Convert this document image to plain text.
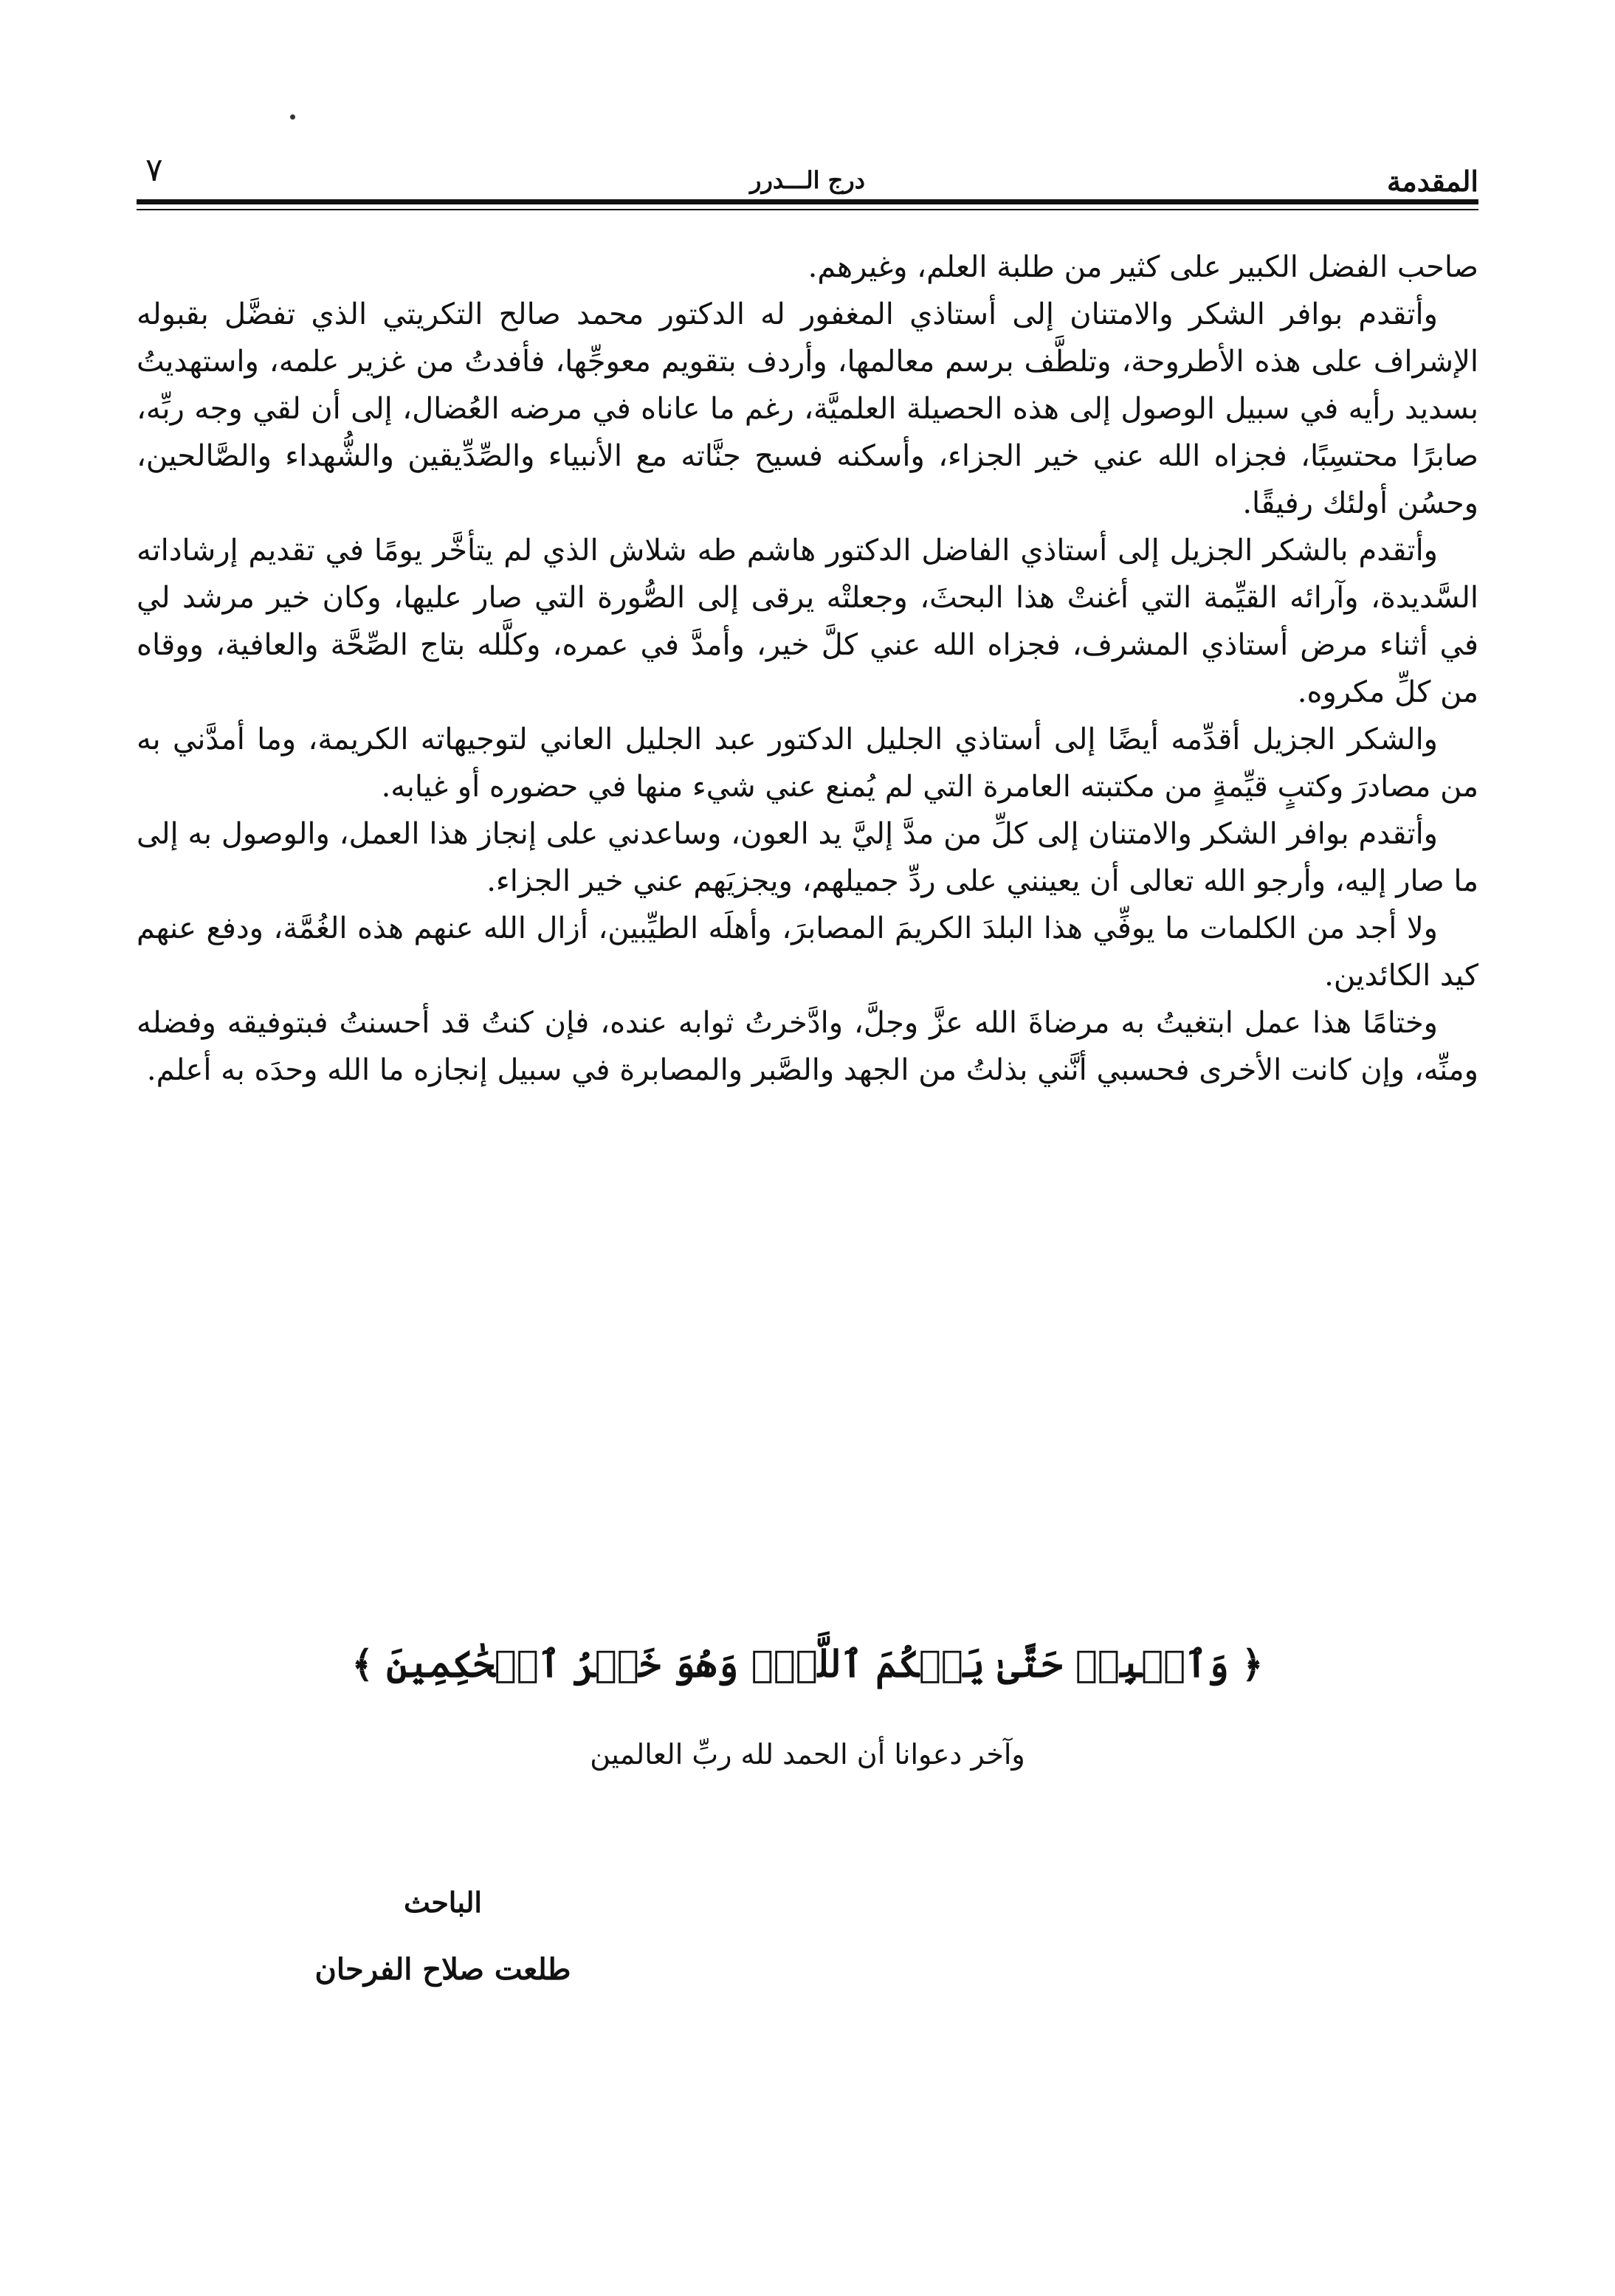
المقدمة
درج الـــدرر
٧

صاحب الفضل الكبير على كثير من طلبة العلم، وغيرهم.

وأتقدم بوافر الشكر والامتنان إلى أستاذي المغفور له الدكتور محمد صالح التكريتي الذي تفضَّل بقبوله الإشراف على هذه الأطروحة، وتلطَّف برسم معالمها، وأردف بتقويم معوجِّها، فأفدتُ من غزير علمه، واستهديتُ بسديد رأيه في سبيل الوصول إلى هذه الحصيلة العلميَّة، رغم ما عاناه في مرضه العُضال، إلى أن لقي وجه ربِّه، صابرًا محتسِبًا، فجزاه الله عني خير الجزاء، وأسكنه فسيح جنَّاته مع الأنبياء والصِّدِّيقين والشُّهداء والصَّالحين، وحسُن أولئك رفيقًا.

وأتقدم بالشكر الجزيل إلى أستاذي الفاضل الدكتور هاشم طه شلاش الذي لم يتأخَّر يومًا في تقديم إرشاداته السَّديدة، وآرائه القيِّمة التي أغنتْ هذا البحثَ، وجعلتْه يرقى إلى الصُّورة التي صار عليها، وكان خير مرشد لي في أثناء مرض أستاذي المشرف، فجزاه الله عني كلَّ خير، وأمدَّ في عمره، وكلَّله بتاج الصِّحَّة والعافية، ووقاه من كلِّ مكروه.

والشكر الجزيل أقدِّمه أيضًا إلى أستاذي الجليل الدكتور عبد الجليل العاني لتوجيهاته الكريمة، وما أمدَّني به من مصادرَ وكتبٍ قيِّمةٍ من مكتبته العامرة التي لم يُمنع عني شيء منها في حضوره أو غيابه.

وأتقدم بوافر الشكر والامتنان إلى كلِّ من مدَّ إليَّ يد العون، وساعدني على إنجاز هذا العمل، والوصول به إلى ما صار إليه، وأرجو الله تعالى أن يعينني على ردِّ جميلهم، ويجزيَهم عني خير الجزاء.

ولا أجد من الكلمات ما يوفِّي هذا البلدَ الكريمَ المصابرَ، وأهلَه الطيِّبين، أزال الله عنهم هذه الغُمَّة، ودفع عنهم كيد الكائدين.

وختامًا هذا عمل ابتغيتُ به مرضاةَ الله عزَّ وجلَّ، وادَّخرتُ ثوابه عنده، فإن كنتُ قد أحسنتُ فبتوفيقه وفضله ومنِّه، وإن كانت الأخرى فحسبي أنَّني بذلتُ من الجهد والصَّبر والمصابرة في سبيل إنجازه ما الله وحدَه به أعلم.

﴿ وَٱصۡبِرۡ حَتَّىٰ يَحۡكُمَ ٱللَّهُۚ وَهُوَ خَيۡرُ ٱلۡحَٰكِمِينَ ﴾
وآخر دعوانا أن الحمد لله ربِّ العالمين
الباحث
طلعت صلاح الفرحان
